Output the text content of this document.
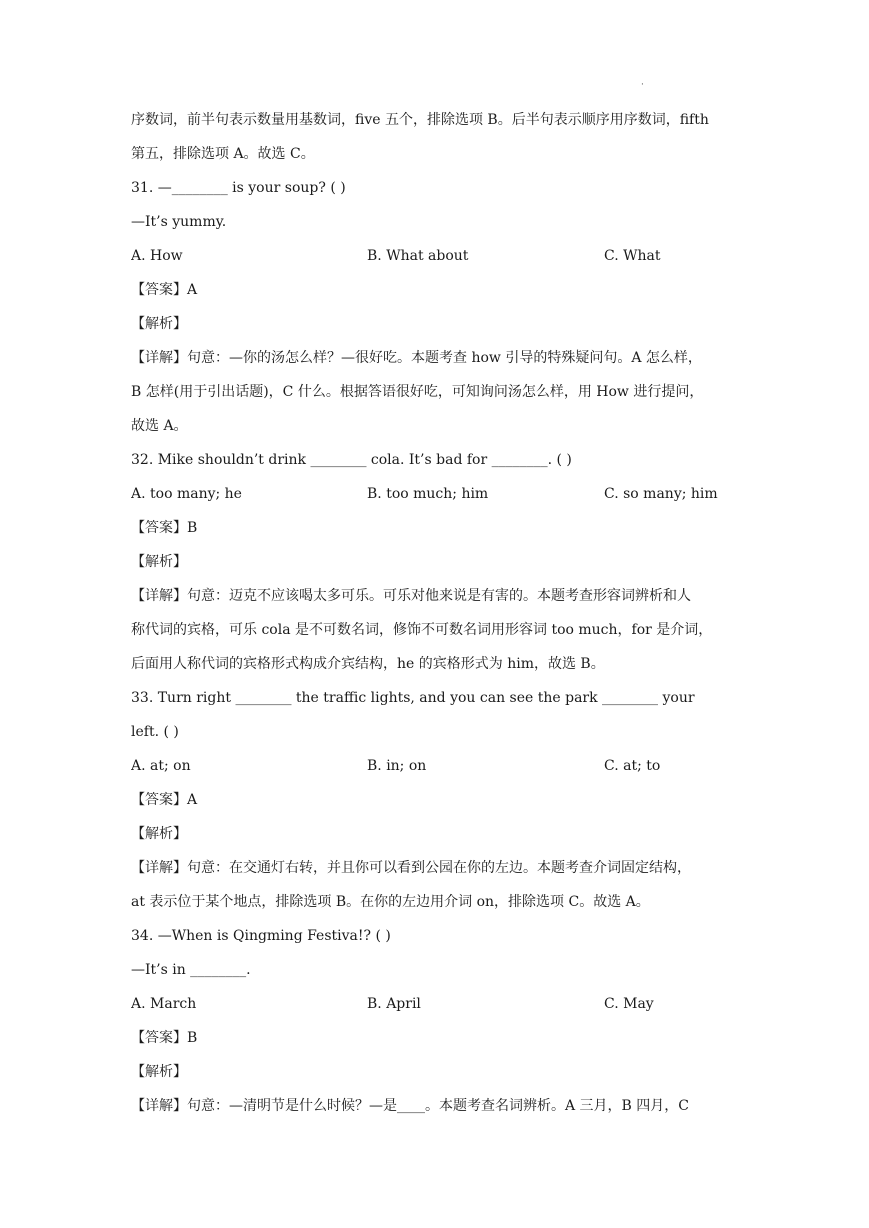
·
序数词，前半句表示数量用基数词，five 五个，排除选项 B。后半句表示顺序用序数词，fifth
第五，排除选项 A。故选 C。
31. —________ is your soup? ( )
—It’s yummy.
A. How	B. What about	C. What
【答案】A
【解析】
【详解】句意：—你的汤怎么样？—很好吃。本题考查 how 引导的特殊疑问句。A 怎么样，
B 怎样(用于引出话题)，C 什么。根据答语很好吃，可知询问汤怎么样，用 How 进行提问，
故选 A。
32. Mike shouldn’t drink ________ cola. It’s bad for ________. ( )
A. too many; he	B. too much; him	C. so many; him
【答案】B
【解析】
【详解】句意：迈克不应该喝太多可乐。可乐对他来说是有害的。本题考查形容词辨析和人
称代词的宾格，可乐 cola 是不可数名词，修饰不可数名词用形容词 too much，for 是介词，
后面用人称代词的宾格形式构成介宾结构，he 的宾格形式为 him，故选 B。
33. Turn right ________ the traffic lights, and you can see the park ________ your
left. ( )
A. at; on	B. in; on	C. at; to
【答案】A
【解析】
【详解】句意：在交通灯右转，并且你可以看到公园在你的左边。本题考查介词固定结构，
at 表示位于某个地点，排除选项 B。在你的左边用介词 on，排除选项 C。故选 A。
34. —When is Qingming Festiva!? ( )
—It’s in ________.
A. March	B. April	C. May
【答案】B
【解析】
【详解】句意：—清明节是什么时候？—是____。本题考查名词辨析。A 三月，B 四月，C
